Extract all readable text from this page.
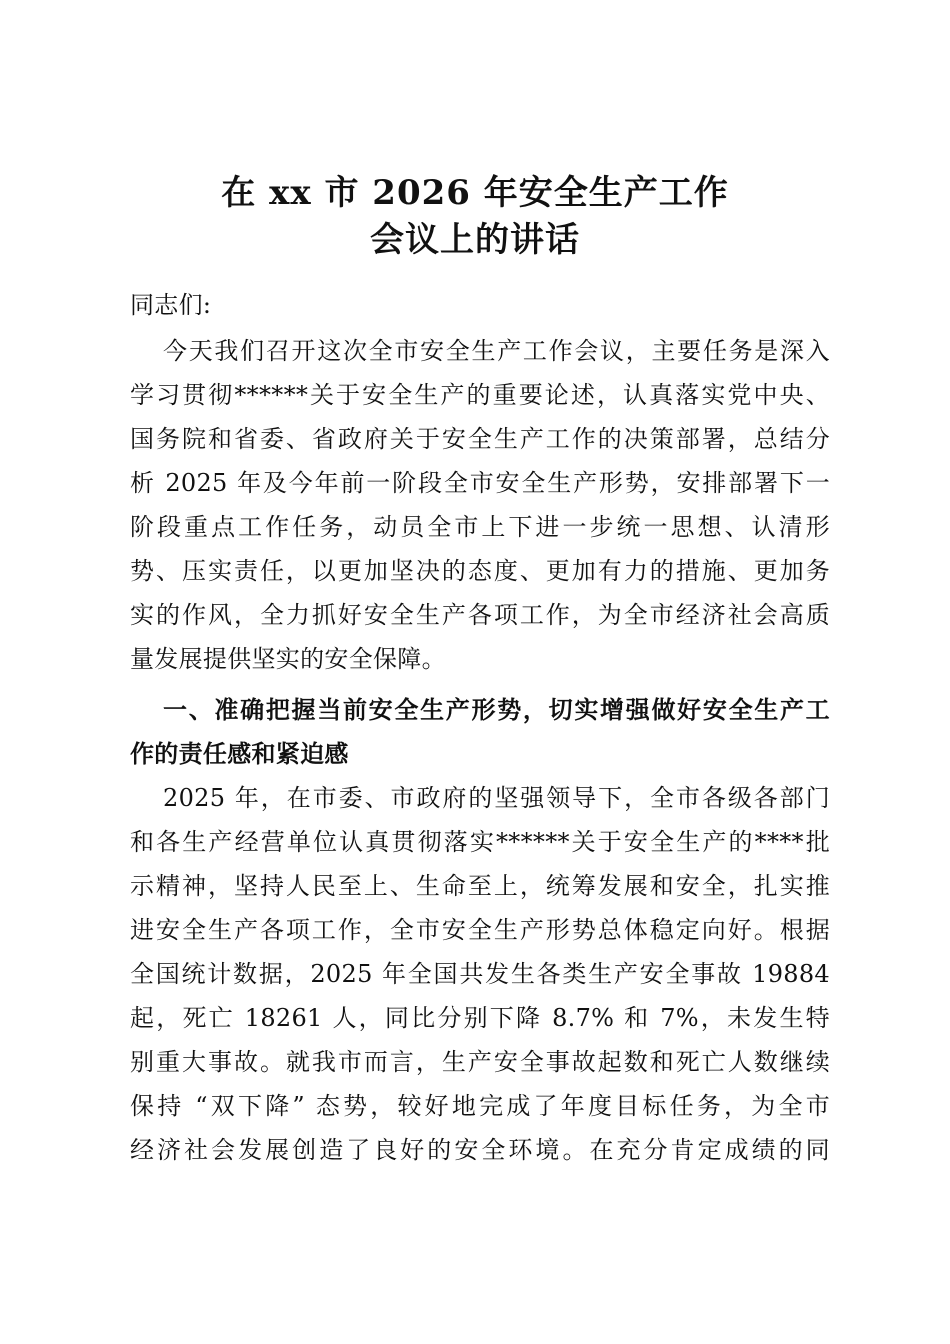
在 xx 市 2026 年安全生产工作
会议上的讲话
同志们:
今天我们召开这次全市安全生产工作会议，主要任务是深入
学习贯彻******关于安全生产的重要论述，认真落实党中央、
国务院和省委、省政府关于安全生产工作的决策部署，总结分
析 2025 年及今年前一阶段全市安全生产形势，安排部署下一
阶段重点工作任务，动员全市上下进一步统一思想、认清形
势、压实责任，以更加坚决的态度、更加有力的措施、更加务
实的作风，全力抓好安全生产各项工作，为全市经济社会高质
量发展提供坚实的安全保障。
一、准确把握当前安全生产形势，切实增强做好安全生产工
作的责任感和紧迫感
2025 年，在市委、市政府的坚强领导下，全市各级各部门
和各生产经营单位认真贯彻落实******关于安全生产的****批
示精神，坚持人民至上、生命至上，统筹发展和安全，扎实推
进安全生产各项工作，全市安全生产形势总体稳定向好。根据
全国统计数据，2025 年全国共发生各类生产安全事故 19884
起，死亡 18261 人，同比分别下降 8.7% 和 7%，未发生特
别重大事故。就我市而言，生产安全事故起数和死亡人数继续
保持 “双下降” 态势，较好地完成了年度目标任务，为全市
经济社会发展创造了良好的安全环境。在充分肯定成绩的同
